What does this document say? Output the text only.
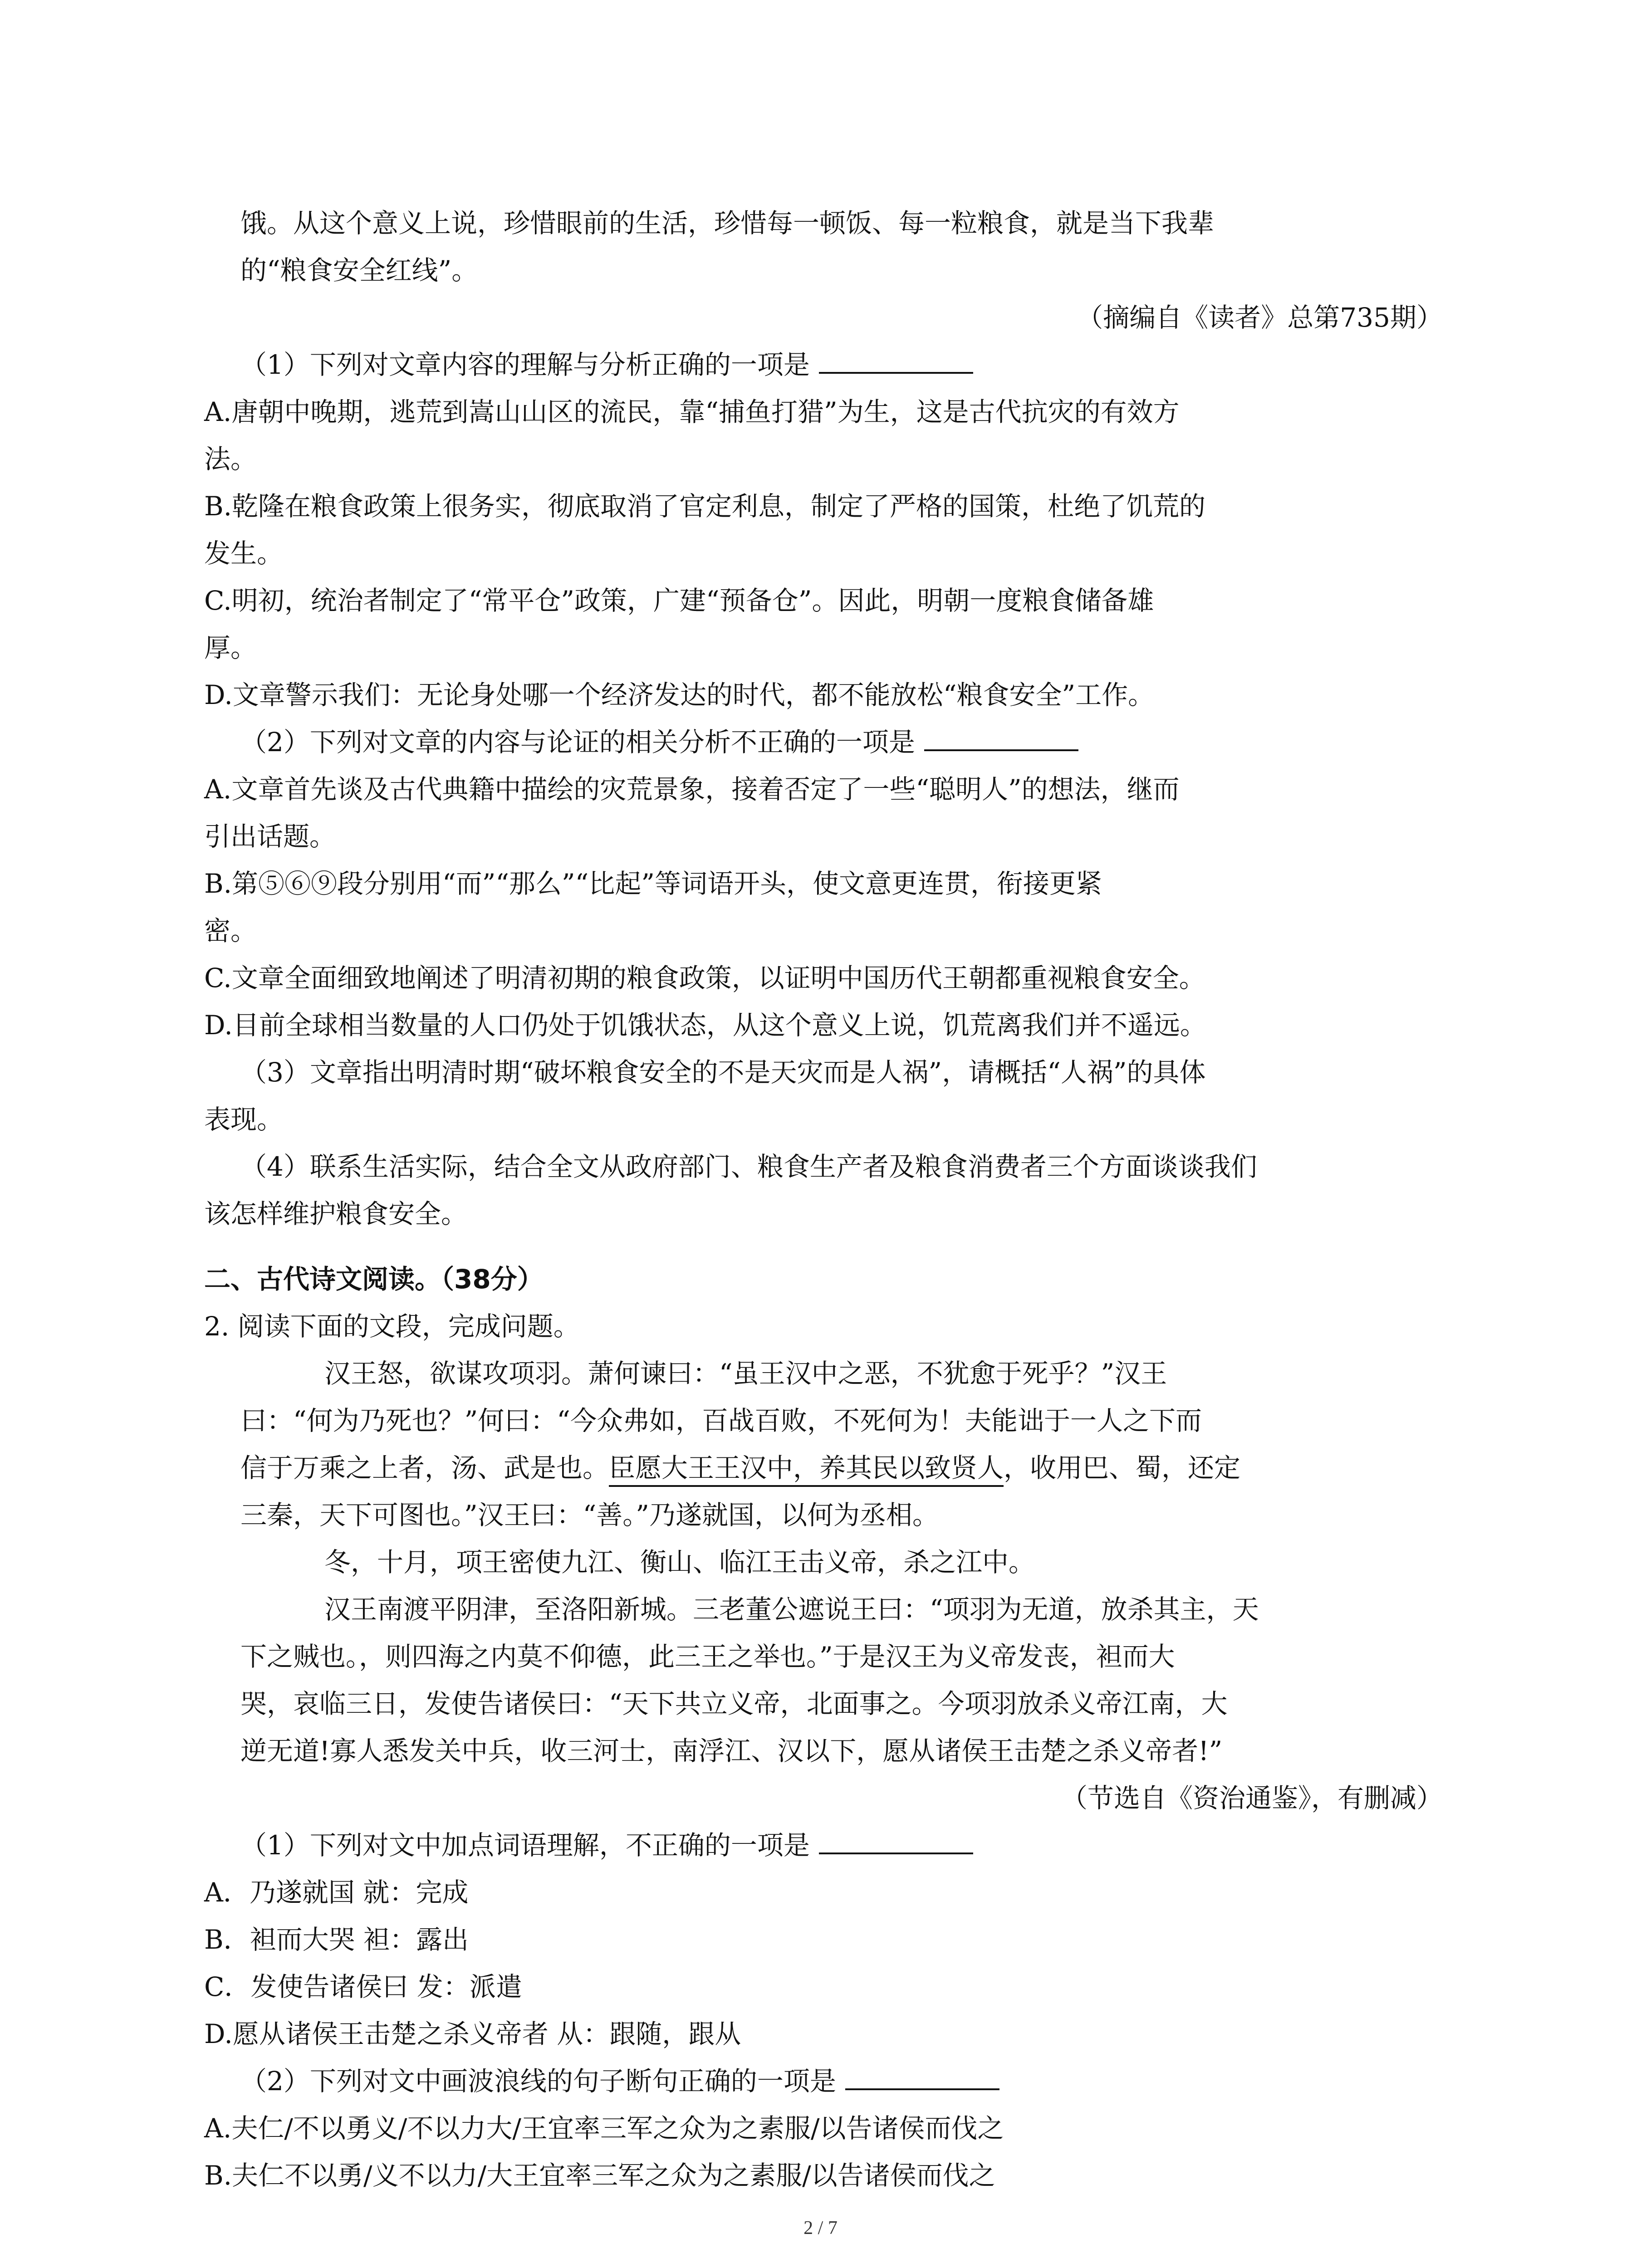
饿。从这个意义上说，珍惜眼前的生活，珍惜每一顿饭、每一粒粮食，就是当下我辈
的“粮食安全红线”。
（摘编自《读者》总第735期）
（1）下列对文章内容的理解与分析正确的一项是
A.唐朝中晚期，逃荒到嵩山山区的流民，靠“捕鱼打猎”为生，这是古代抗灾的有效方
法。
B.乾隆在粮食政策上很务实，彻底取消了官定利息，制定了严格的国策，杜绝了饥荒的
发生。
C.明初，统治者制定了“常平仓”政策，广建“预备仓”。因此，明朝一度粮食储备雄
厚。
D.文章警示我们：无论身处哪一个经济发达的时代，都不能放松“粮食安全”工作。
（2）下列对文章的内容与论证的相关分析不正确的一项是
A.文章首先谈及古代典籍中描绘的灾荒景象，接着否定了一些“聪明人”的想法，继而
引出话题。
B.第⑤⑥⑨段分别用“而”“那么”“比起”等词语开头，使文意更连贯，衔接更紧
密。
C.文章全面细致地阐述了明清初期的粮食政策，以证明中国历代王朝都重视粮食安全。
D.目前全球相当数量的人口仍处于饥饿状态，从这个意义上说，饥荒离我们并不遥远。
（3）文章指出明清时期“破坏粮食安全的不是天灾而是人祸”，请概括“人祸”的具体
表现。
（4）联系生活实际，结合全文从政府部门、粮食生产者及粮食消费者三个方面谈谈我们
该怎样维护粮食安全。
二、古代诗文阅读。（38分）
2. 阅读下面的文段，完成问题。
汉王怒，欲谋攻项羽。萧何谏曰：“虽王汉中之恶，不犹愈于死乎？”汉王
曰：“何为乃死也？”何曰：“今众弗如，百战百败，不死何为！夫能诎于一人之下而
信于万乘之上者，汤、武是也。臣愿大王王汉中，养其民以致贤人，收用巴、蜀，还定
三秦，天下可图也。”汉王曰：“善。”乃遂就国，以何为丞相。
冬，十月，项王密使九江、衡山、临江王击义帝，杀之江中。
汉王南渡平阴津，至洛阳新城。三老董公遮说王曰：“项羽为无道，放杀其主，天
下之贼也。，则四海之内莫不仰德，此三王之举也。”于是汉王为义帝发丧，袒而大
哭，哀临三日，发使告诸侯曰：“天下共立义帝，北面事之。今项羽放杀义帝江南，大
逆无道!寡人悉发关中兵，收三河士，南浮江、汉以下，愿从诸侯王击楚之杀义帝者!”
（节选自《资治通鉴》，有删减）
（1）下列对文中加点词语理解，不正确的一项是
A．乃遂就国 就：完成
B．袒而大哭 袒：露出
C．发使告诸侯曰 发：派遣
D.愿从诸侯王击楚之杀义帝者 从：跟随，跟从
（2）下列对文中画波浪线的句子断句正确的一项是
A.夫仁/不以勇义/不以力大/王宜率三军之众为之素服/以告诸侯而伐之
B.夫仁不以勇/义不以力/大王宜率三军之众为之素服/以告诸侯而伐之
2 / 7
